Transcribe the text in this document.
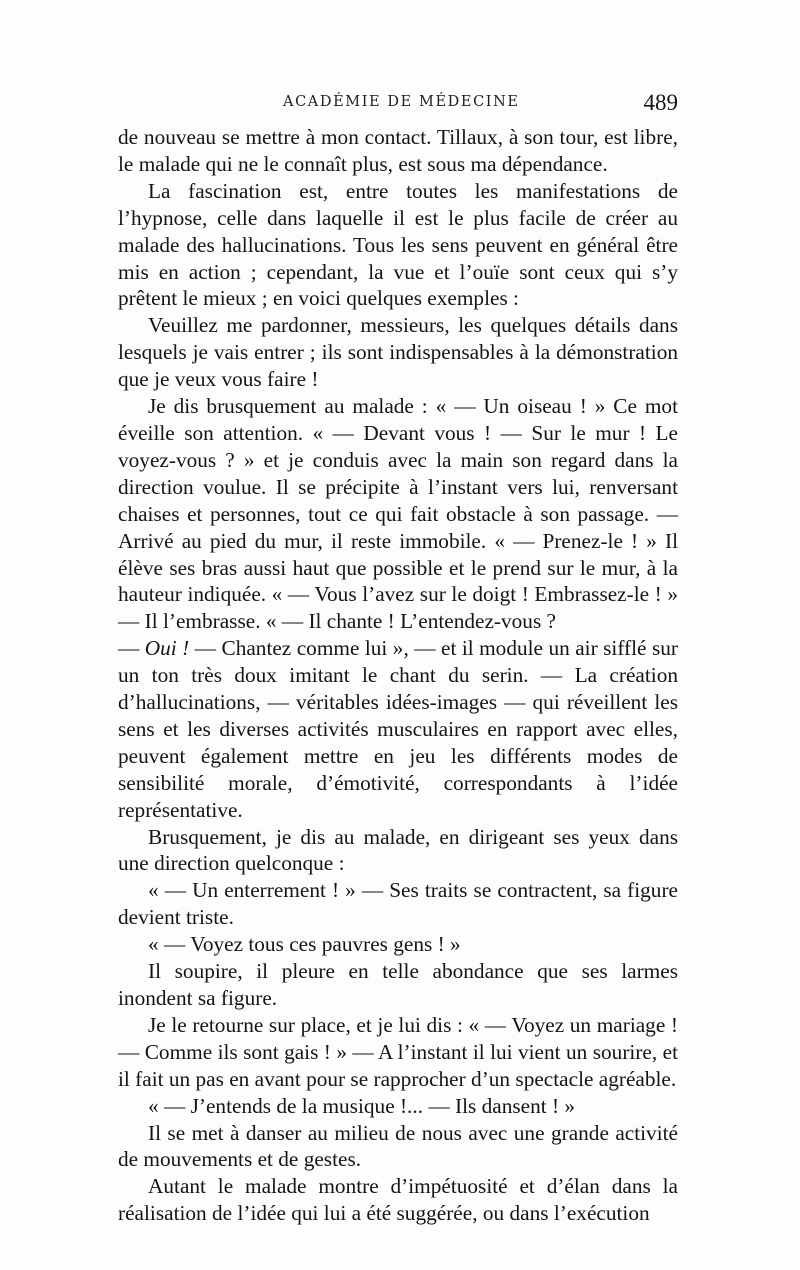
ACADÉMIE DE MÉDECINE	489

de nouveau se mettre à mon contact. Tillaux, à son tour, est libre, le malade qui ne le connaît plus, est sous ma dépendance.

La fascination est, entre toutes les manifestations de l’hypnose, celle dans laquelle il est le plus facile de créer au malade des hallucinations. Tous les sens peuvent en général être mis en action ; cependant, la vue et l’ouïe sont ceux qui s’y prêtent le mieux ; en voici quelques exemples :

Veuillez me pardonner, messieurs, les quelques détails dans lesquels je vais entrer ; ils sont indispensables à la démonstration que je veux vous faire !

Je dis brusquement au malade : « — Un oiseau ! » Ce mot éveille son attention. « — Devant vous ! — Sur le mur ! Le voyez-vous ? » et je conduis avec la main son regard dans la direction voulue. Il se précipite à l’instant vers lui, renversant chaises et personnes, tout ce qui fait obstacle à son passage. — Arrivé au pied du mur, il reste immobile. « — Prenez-le ! » Il élève ses bras aussi haut que possible et le prend sur le mur, à la hauteur indiquée. « — Vous l’avez sur le doigt ! Embrassez-le ! » — Il l’embrasse. « — Il chante ! L’entendez-vous ?

— Oui ! — Chantez comme lui », — et il module un air sifflé sur un ton très doux imitant le chant du serin. — La création d’hallucinations, — véritables idées-images — qui réveillent les sens et les diverses activités musculaires en rapport avec elles, peuvent également mettre en jeu les différents modes de sensibilité morale, d’émotivité, correspondants à l’idée représentative.

Brusquement, je dis au malade, en dirigeant ses yeux dans une direction quelconque :

« — Un enterrement ! » — Ses traits se contractent, sa figure devient triste.

« — Voyez tous ces pauvres gens ! »

Il soupire, il pleure en telle abondance que ses larmes inondent sa figure.

Je le retourne sur place, et je lui dis : « — Voyez un mariage ! — Comme ils sont gais ! » — A l’instant il lui vient un sourire, et il fait un pas en avant pour se rapprocher d’un spectacle agréable.

« — J’entends de la musique !... — Ils dansent ! »

Il se met à danser au milieu de nous avec une grande activité de mouvements et de gestes.

Autant le malade montre d’impétuosité et d’élan dans la réalisation de l’idée qui lui a été suggérée, ou dans l’exécution
